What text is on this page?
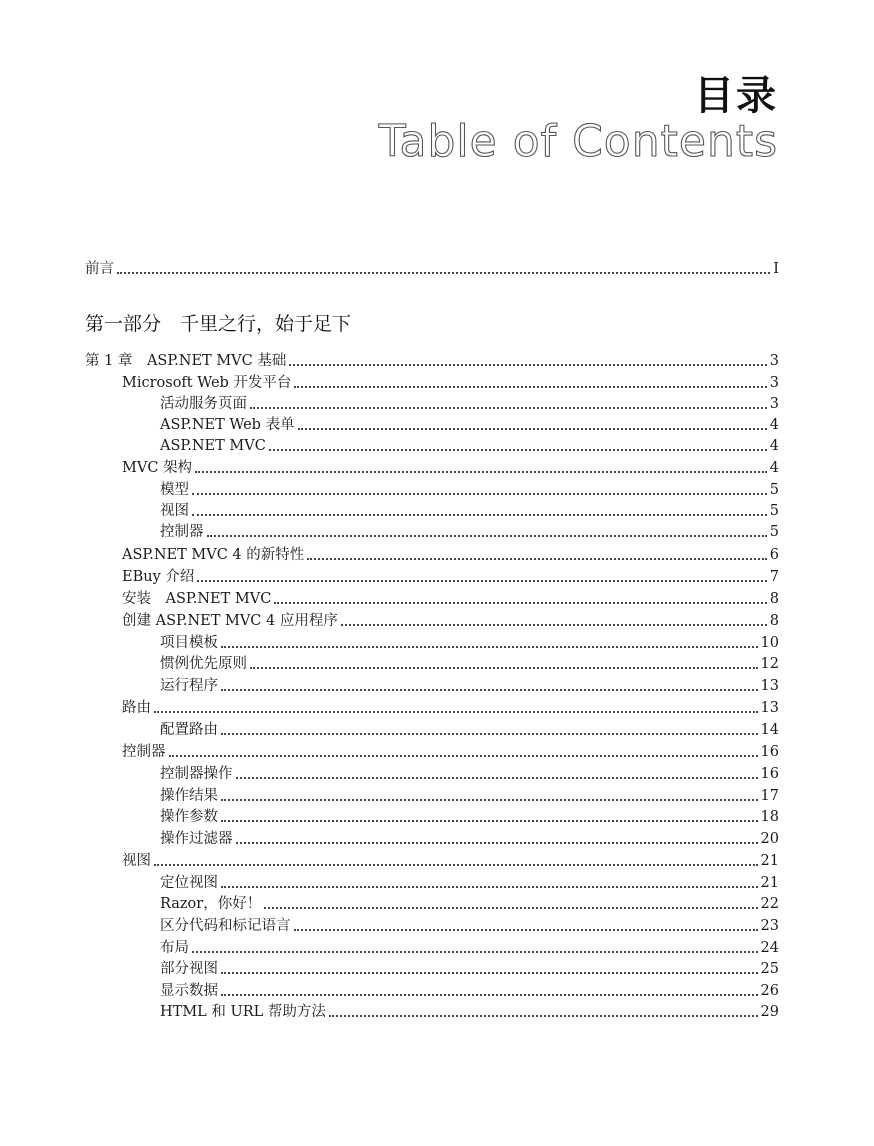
目录
Table of Contents
前言	I
第一部分　千里之行，始于足下
第 1 章　ASP.NET MVC 基础	3
Microsoft Web 开发平台	3
活动服务页面	3
ASP.NET Web 表单	4
ASP.NET MVC	4
MVC 架构	4
模型	5
视图	5
控制器	5
ASP.NET MVC 4 的新特性	6
EBuy 介绍	7
安装　ASP.NET MVC	8
创建 ASP.NET MVC 4 应用程序	8
项目模板	10
惯例优先原则	12
运行程序	13
路由	13
配置路由	14
控制器	16
控制器操作	16
操作结果	17
操作参数	18
操作过滤器	20
视图	21
定位视图	21
Razor，你好！	22
区分代码和标记语言	23
布局	24
部分视图	25
显示数据	26
HTML 和 URL 帮助方法	29
